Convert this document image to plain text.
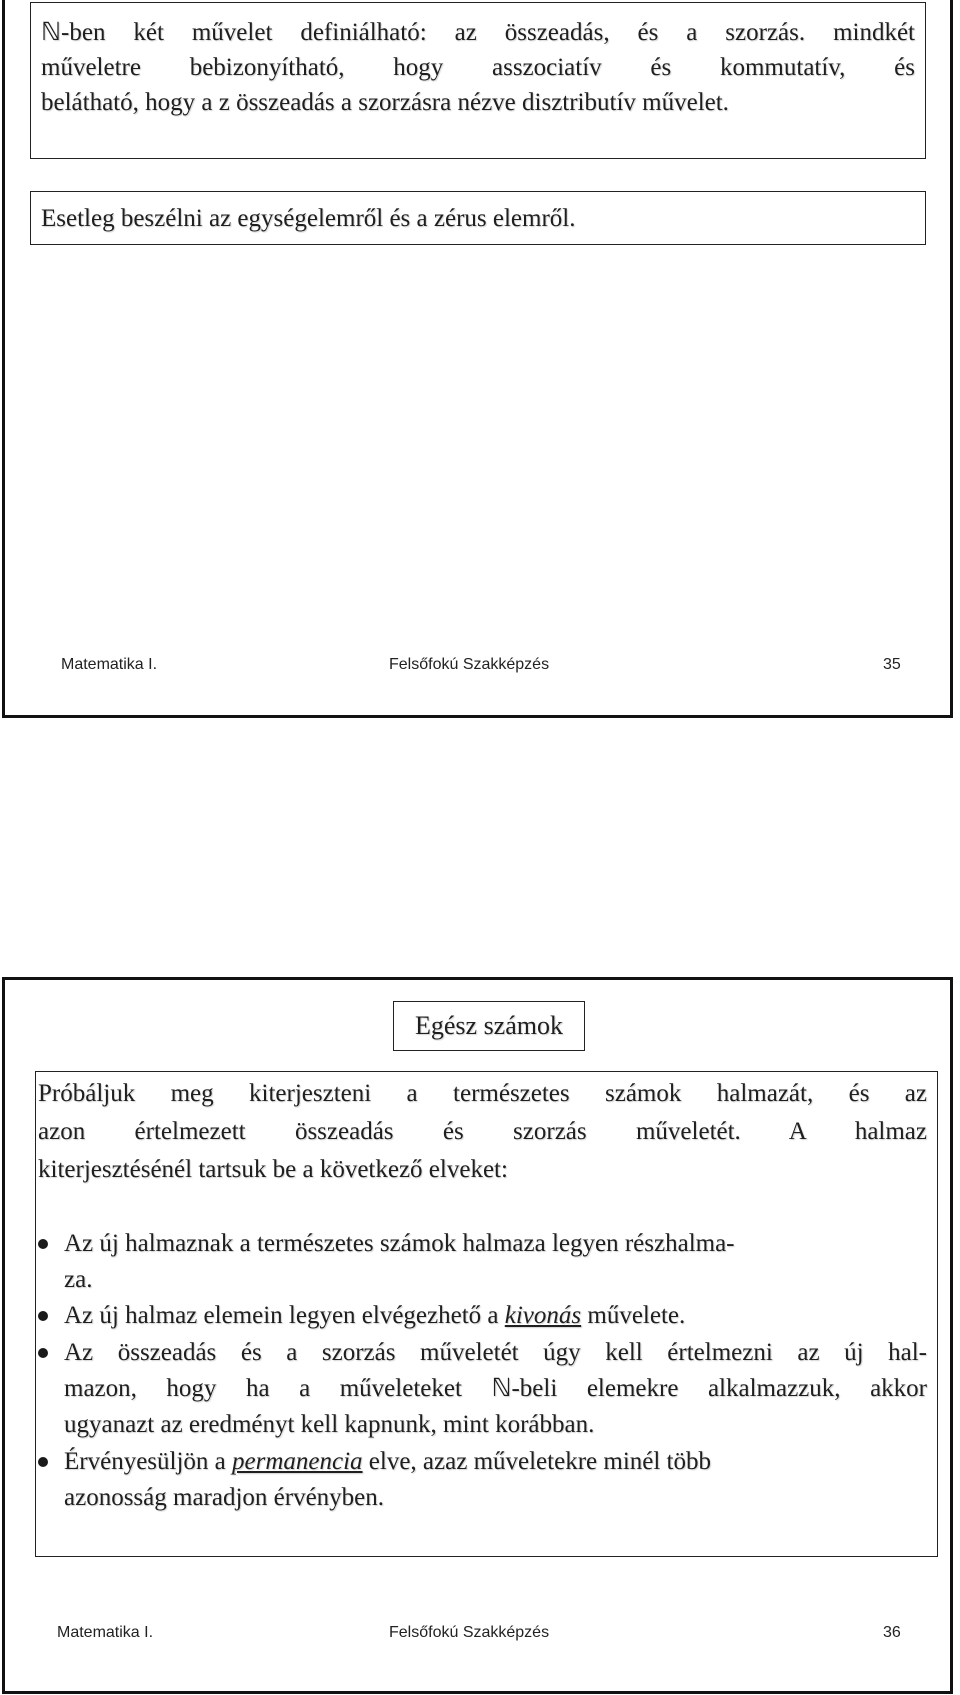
ℕ-ben két művelet definiálható: az összeadás, és a szorzás. mindkét
műveletre bebizonyítható, hogy asszociatív és kommutatív, és
belátható, hogy a z összeadás a szorzásra nézve disztributív művelet.
Esetleg beszélni az egységelemről és a zérus elemről.
Matematika I.	Felsőfokú Szakképzés	35
Egész számok
Próbáljuk meg kiterjeszteni a természetes számok halmazát, és az
azon értelmezett összeadás és szorzás műveletét. A halmaz
kiterjesztésénél tartsuk be a következő elveket:
Az új halmaznak a természetes számok halmaza legyen részhalma-
za.
Az új halmaz elemein legyen elvégezhető a kivonás művelete.
Az összeadás és a szorzás műveletét úgy kell értelmezni az új hal-
mazon, hogy ha a műveleteket ℕ-beli elemekre alkalmazzuk, akkor
ugyanazt az eredményt kell kapnunk, mint korábban.
Érvényesüljön a permanencia elve, azaz műveletekre minél több
azonosság maradjon érvényben.
Matematika I.	Felsőfokú Szakképzés	36
